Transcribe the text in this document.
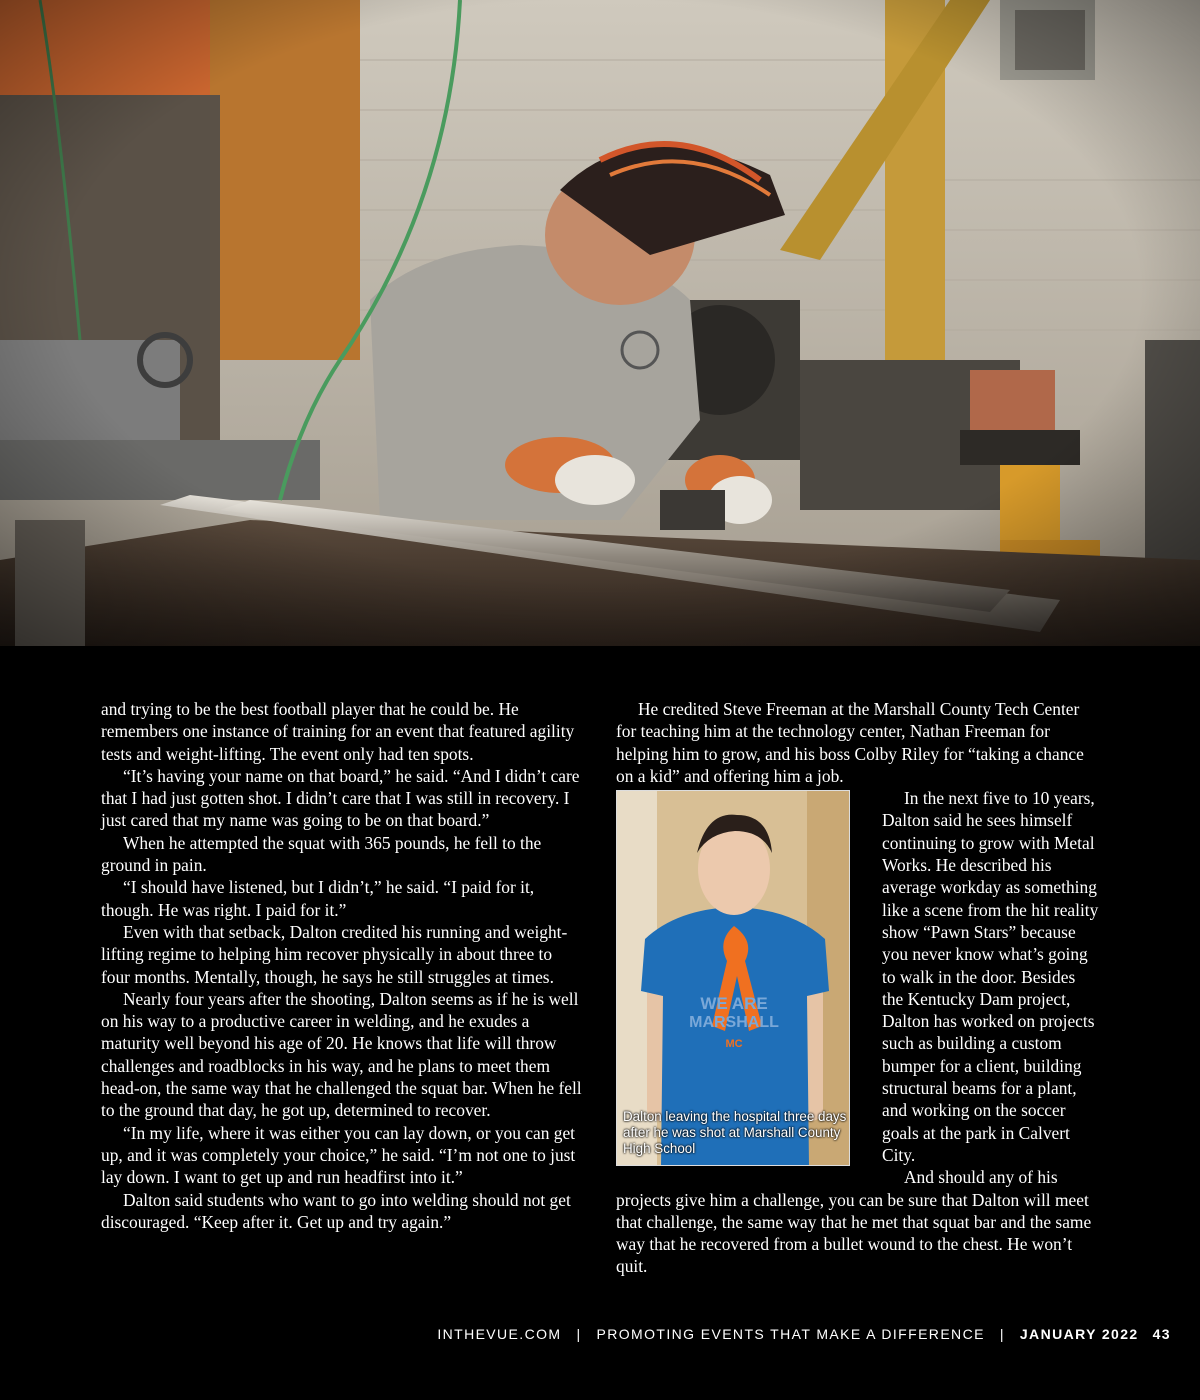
and trying to be the best football player that he could be. He remembers one instance of training for an event that featured agility tests and weight-lifting. The event only had ten spots.

“It’s having your name on that board,” he said. “And I didn’t care that I had just gotten shot. I didn’t care that I was still in recovery. I just cared that my name was going to be on that board.”

When he attempted the squat with 365 pounds, he fell to the ground in pain.

“I should have listened, but I didn’t,” he said. “I paid for it, though. He was right. I paid for it.”

Even with that setback, Dalton credited his running and weight-lifting regime to helping him recover physically in about three to four months. Mentally, though, he says he still struggles at times.

Nearly four years after the shooting, Dalton seems as if he is well on his way to a productive career in welding, and he exudes a maturity well beyond his age of 20. He knows that life will throw challenges and roadblocks in his way, and he plans to meet them head-on, the same way that he challenged the squat bar. When he fell to the ground that day, he got up, determined to recover.

“In my life, where it was either you can lay down, or you can get up, and it was completely your choice,” he said. “I’m not one to just lay down. I want to get up and run headfirst into it.”

Dalton said students who want to go into welding should not get discouraged. “Keep after it. Get up and try again.”

He credited Steve Freeman at the Marshall County Tech Center for teaching him at the technology center, Nathan Freeman for helping him to grow, and his boss Colby Riley for “taking a chance on a kid” and offering him a job.

WE ARE
MARSHALL
MC
Dalton leaving the hospital three days after he was shot at Marshall County High School

In the next five to 10 years, Dalton said he sees himself continuing to grow with Metal Works. He described his average workday as something like a scene from the hit reality show “Pawn Stars” because you never know what’s going to walk in the door. Besides the Kentucky Dam project, Dalton has worked on projects such as building a custom bumper for a client, building structural beams for a plant, and working on the soccer goals at the park in Calvert City.

And should any of his projects give him a challenge, you can be sure that Dalton will meet that challenge, the same way that he met that squat bar and the same way that he recovered from a bullet wound to the chest. He won’t quit.

INTHEVUE.COM | PROMOTING EVENTS THAT MAKE A DIFFERENCE | JANUARY 2022 43
